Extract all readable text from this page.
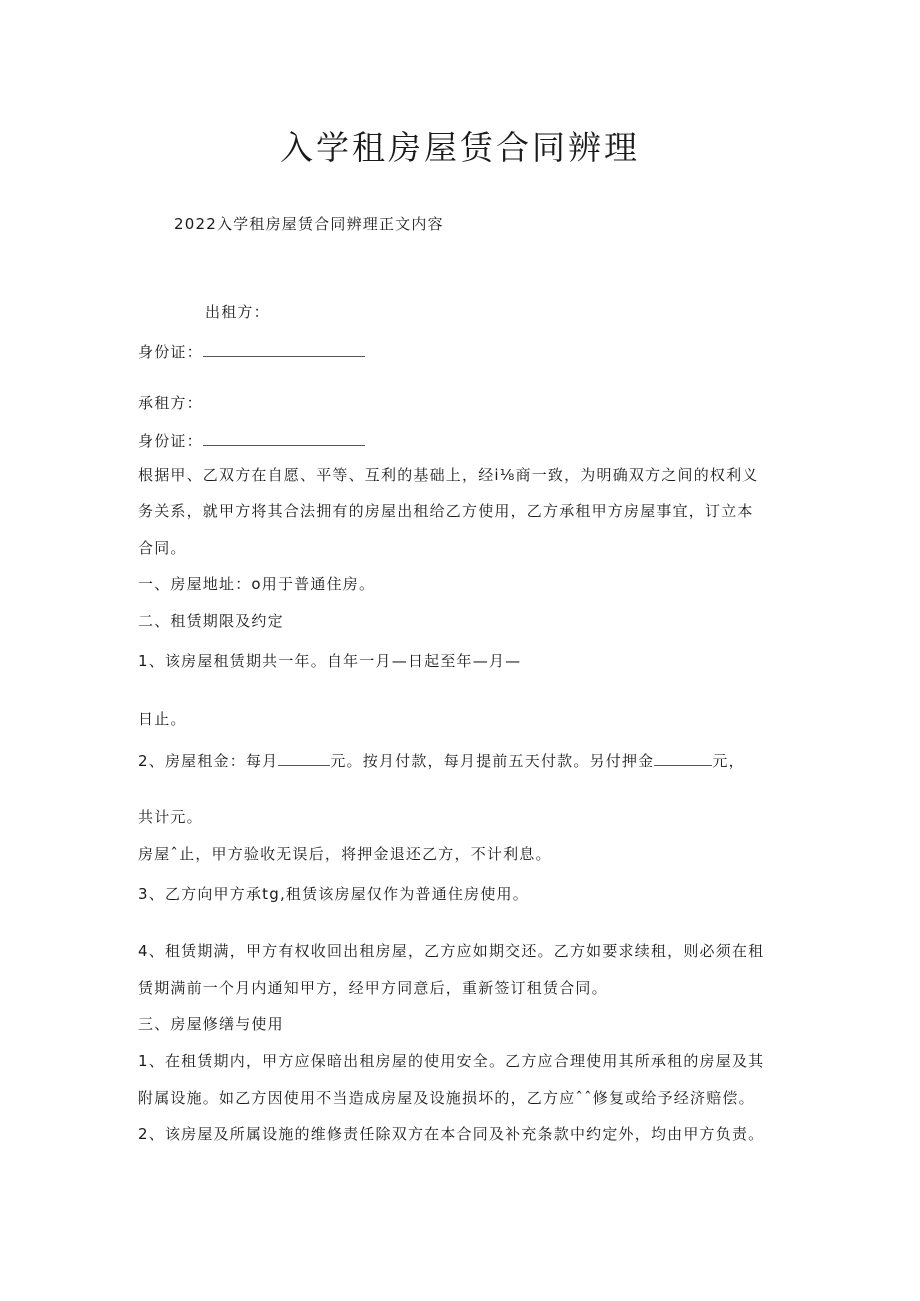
入学租房屋赁合同辨理
2022入学租房屋赁合同辨理正文内容
出租方：
身份证：
承租方：
身份证：
根据甲、乙双方在自愿、平等、互利的基础上，经i⅛商一致，为明确双方之间的权利义
务关系，就甲方将其合法拥有的房屋出租给乙方使用，乙方承租甲方房屋事宜，订立本
合同。
一、房屋地址：o用于普通住房。
二、租赁期限及约定
1、该房屋租赁期共一年。自年一月—日起至年—月—
日止。
2、房屋租金：每月	元。按月付款，每月提前五天付款。另付押金	元，
共计元。
房屋ˆ止，甲方验收无误后，将押金退还乙方，不计利息。
3、乙方向甲方承tg,租赁该房屋仅作为普通住房使用。
4、租赁期满，甲方有权收回出租房屋，乙方应如期交还。乙方如要求续租，则必须在租
赁期满前一个月内通知甲方，经甲方同意后，重新签订租赁合同。
三、房屋修缮与使用
1、在租赁期内，甲方应保暗出租房屋的使用安全。乙方应合理使用其所承租的房屋及其
附属设施。如乙方因使用不当造成房屋及设施损坏的，乙方应ˆˆ修复或给予经济赔偿。
2、该房屋及所属设施的维修责任除双方在本合同及补充条款中约定外，均由甲方负责。
